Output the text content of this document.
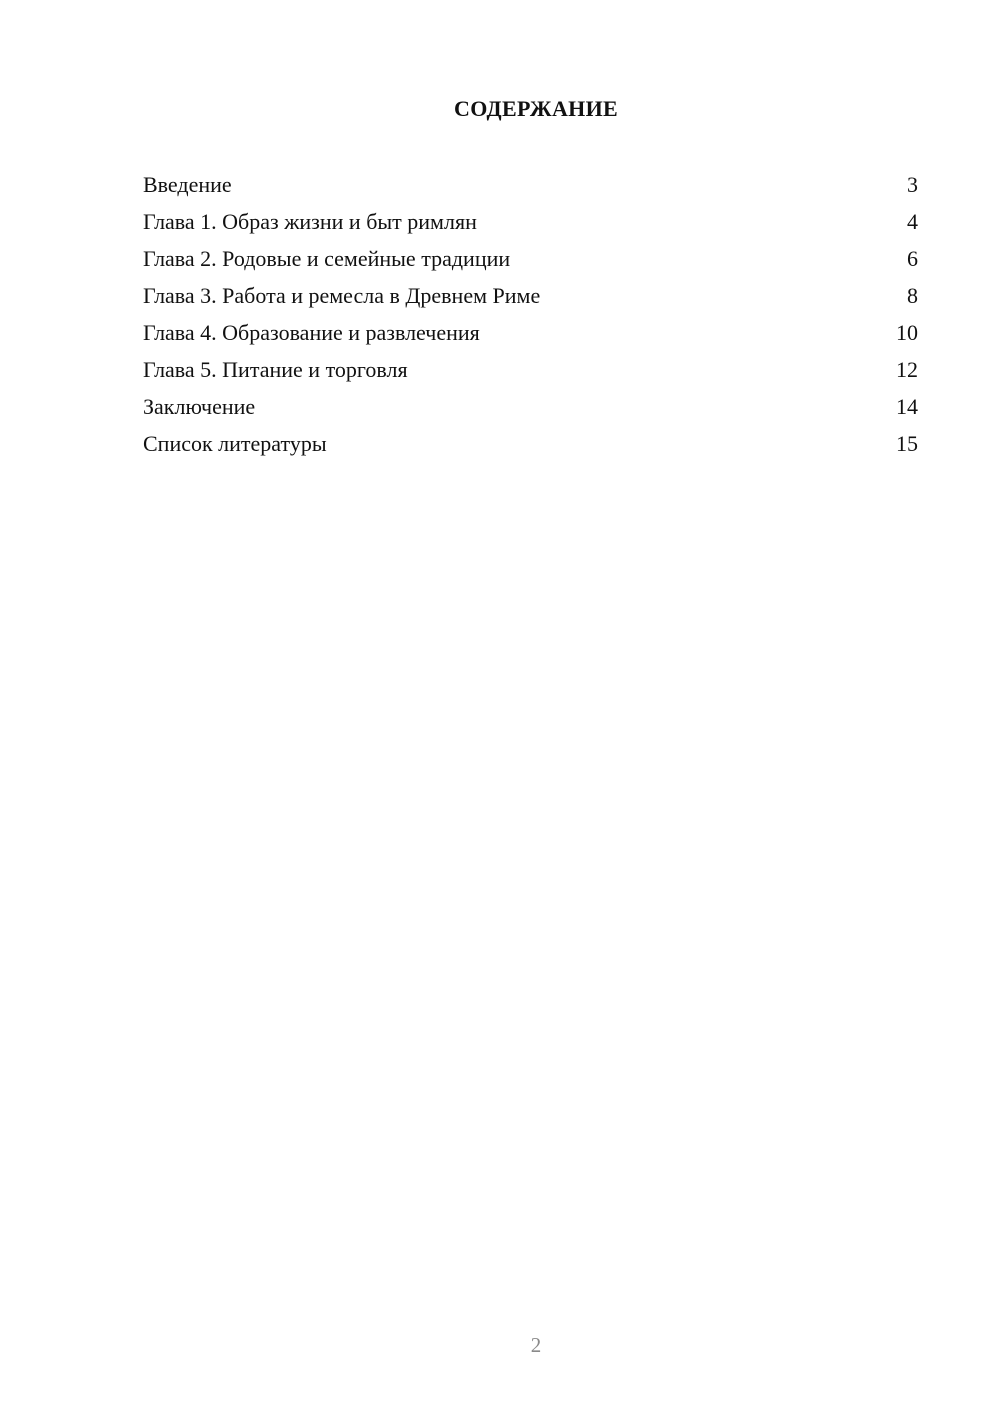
СОДЕРЖАНИЕ
Введение	3
Глава 1. Образ жизни и быт римлян	4
Глава 2. Родовые и семейные традиции	6
Глава 3. Работа и ремесла в Древнем Риме	8
Глава 4. Образование и развлечения	10
Глава 5. Питание и торговля	12
Заключение	14
Список литературы	15
2
